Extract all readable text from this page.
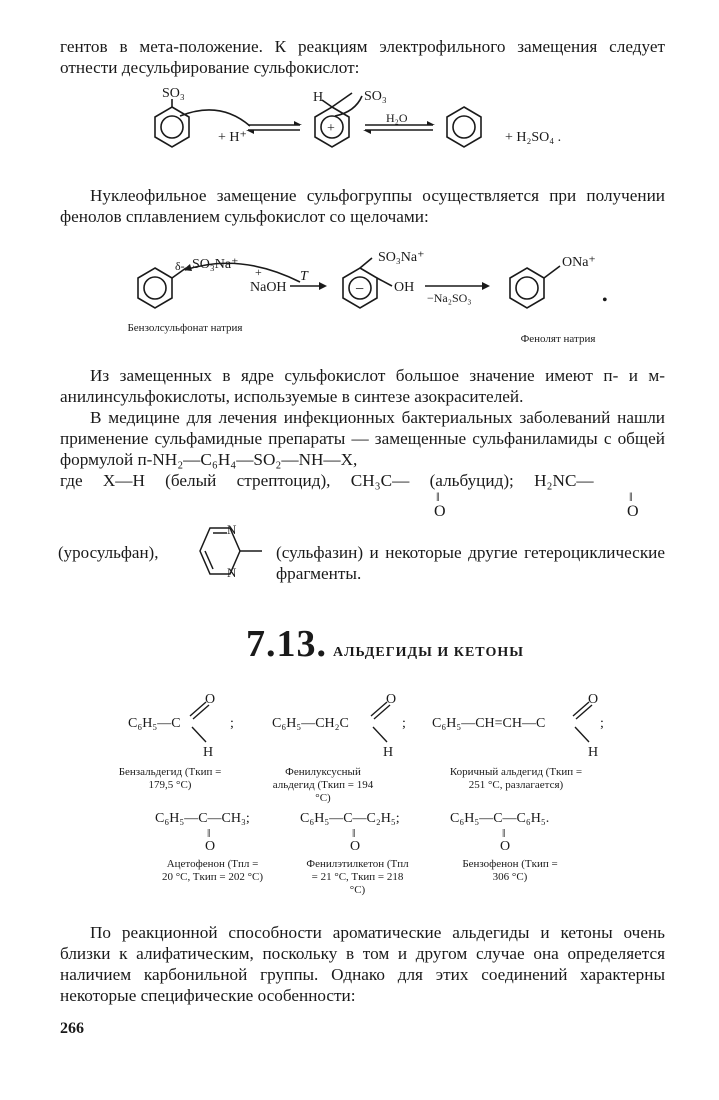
гентов в мета-положение. К реакциям электрофильного замещения следует отнести десульфирование сульфокислот:

SO₃
+ H⁺
H	SO₃
+
H₂O
+ H₂SO₄ .

Нуклеофильное замещение сульфогруппы осуществляется при получении фенолов сплавлением сульфокислот со щелочами:

δ- SO₃Na⁺ +
NaOH
T
SO₃Na⁺
OH
−	−Na₂SO₃
ONa⁺
•
Бензолсульфонат натрия
Фенолят натрия

Из замещенных в ядре сульфокислот большое значение имеют п- и м-анилинсульфокислоты, используемые в синтезе азокрасителей.

В медицине для лечения инфекционных бактериальных заболеваний нашли применение сульфамидные препараты — замещенные сульфаниламиды с общей формулой п-NH₂—C₆H₄—SO₂—NH—X,

где X—H (белый стрептоцид), CH₃C— (альбуцид); H₂NC—

‖	‖
O	O
(уросульфан),
N
N

(сульфазин) и некоторые другие гетероциклические фрагменты.

7.13. АЛЬДЕГИДЫ И КЕТОНЫ
C₆H₅—C
O
H
;	C₆H₅—CH₂C
O
H
; C₆H₅—CH=CH—C
O
H
;
Бензальдегид (Tкип = 179,5 °C)
Фенилуксусный альдегид (Tкип = 194 °C)
Коричный альдегид (Tкип = 251 °C, разлагается)
C₆H₅—C—CH₃;	C₆H₅—C—C₂H₅;	C₆H₅—C—C₆H₅.
‖	‖	‖
O	O	O
Ацетофенон (Tпл = 20 °C, Tкип = 202 °C)
Фенилэтилкетон (Tпл = 21 °C, Tкип = 218 °C)
Бензофенон (Tкип = 306 °C)

По реакционной способности ароматические альдегиды и кетоны очень близки к алифатическим, поскольку в том и другом случае она определяется наличием карбонильной группы. Однако для этих соединений характерны некоторые специфические особенности:

266
